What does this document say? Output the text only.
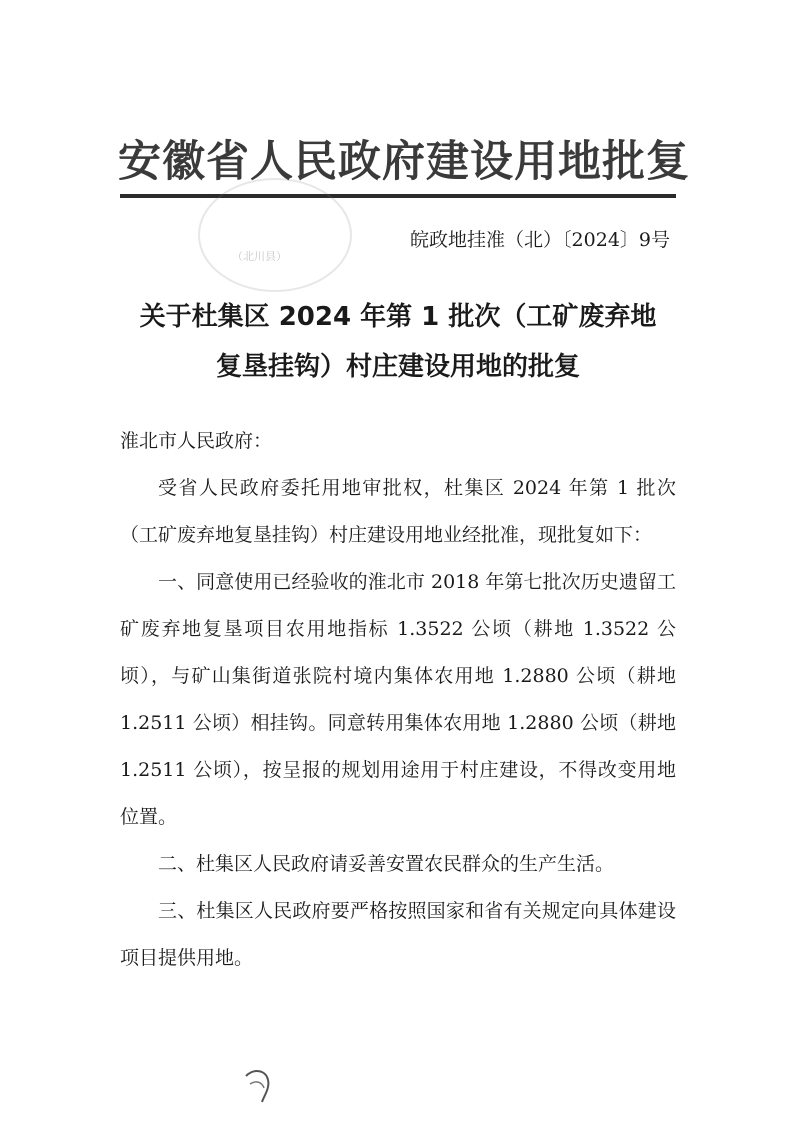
安徽省人民政府建设用地批复
（北川县）
皖政地挂准（北）〔2024〕9号
关于杜集区 2024 年第 1 批次（工矿废弃地
复垦挂钩）村庄建设用地的批复

淮北市人民政府：

受省人民政府委托用地审批权，杜集区 2024 年第 1 批次（工矿废弃地复垦挂钩）村庄建设用地业经批准，现批复如下：

一、同意使用已经验收的淮北市 2018 年第七批次历史遗留工矿废弃地复垦项目农用地指标 1.3522 公顷（耕地 1.3522 公顷），与矿山集街道张院村境内集体农用地 1.2880 公顷（耕地 1.2511 公顷）相挂钩。同意转用集体农用地 1.2880 公顷（耕地 1.2511 公顷），按呈报的规划用途用于村庄建设，不得改变用地位置。

二、杜集区人民政府请妥善安置农民群众的生产生活。

三、杜集区人民政府要严格按照国家和省有关规定向具体建设项目提供用地。
